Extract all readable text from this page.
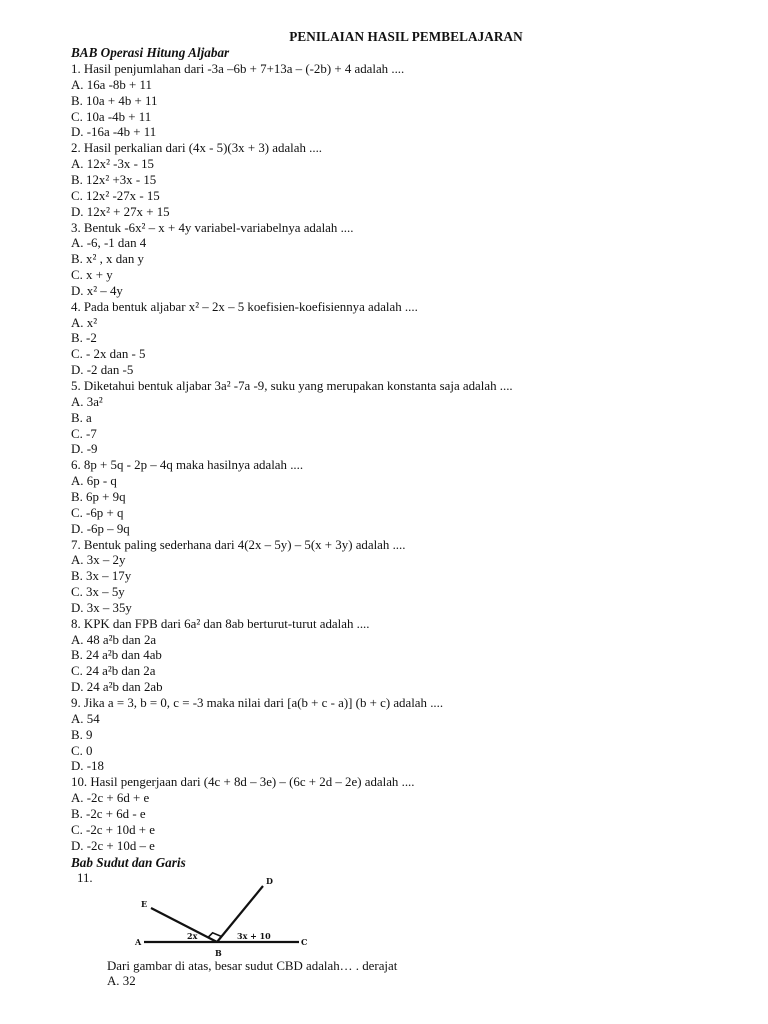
PENILAIAN HASIL PEMBELAJARAN
BAB Operasi Hitung Aljabar
1. Hasil penjumlahan dari -3a –6b + 7+13a – (-2b) + 4 adalah ....
A. 16a -8b + 11
B. 10a + 4b + 11
C. 10a -4b + 11
D. -16a -4b + 11
2. Hasil perkalian dari (4x - 5)(3x + 3) adalah ....
A. 12x² -3x - 15
B. 12x² +3x - 15
C. 12x² -27x - 15
D. 12x² + 27x + 15
3. Bentuk -6x² – x + 4y variabel-variabelnya adalah ....
A. -6, -1 dan 4
B. x² , x dan y
C. x + y
D. x² – 4y
4. Pada bentuk aljabar x² – 2x – 5 koefisien-koefisiennya adalah ....
A. x²
B. -2
C. - 2x dan - 5
D. -2 dan -5
5. Diketahui bentuk aljabar 3a² -7a -9, suku yang merupakan konstanta saja adalah ....
A. 3a²
B. a
C. -7
D. -9
6. 8p + 5q - 2p – 4q maka hasilnya adalah ....
A. 6p - q
B. 6p + 9q
C. -6p + q
D. -6p – 9q
7. Bentuk paling sederhana dari 4(2x – 5y) – 5(x + 3y) adalah ....
A. 3x – 2y
B. 3x – 17y
C. 3x – 5y
D. 3x – 35y
8. KPK dan FPB dari 6a² dan 8ab berturut-turut adalah ....
A. 48 a²b dan 2a
B. 24 a²b dan 4ab
C. 24 a²b dan 2a
D. 24 a²b dan 2ab
9. Jika a = 3, b = 0, c = -3 maka nilai dari [a(b + c - a)] (b + c) adalah ....
A. 54
B. 9
C. 0
D. -18
10. Hasil pengerjaan dari (4c + 8d – 3e) – (6c + 2d – 2e) adalah ....
A. -2c + 6d + e
B. -2c + 6d - e
C. -2c + 10d + e
D. -2c + 10d – e
Bab Sudut dan Garis
11.
E
D
A
B
C
2x	3x + 10
Dari gambar di atas, besar sudut CBD adalah… . derajat
A. 32
